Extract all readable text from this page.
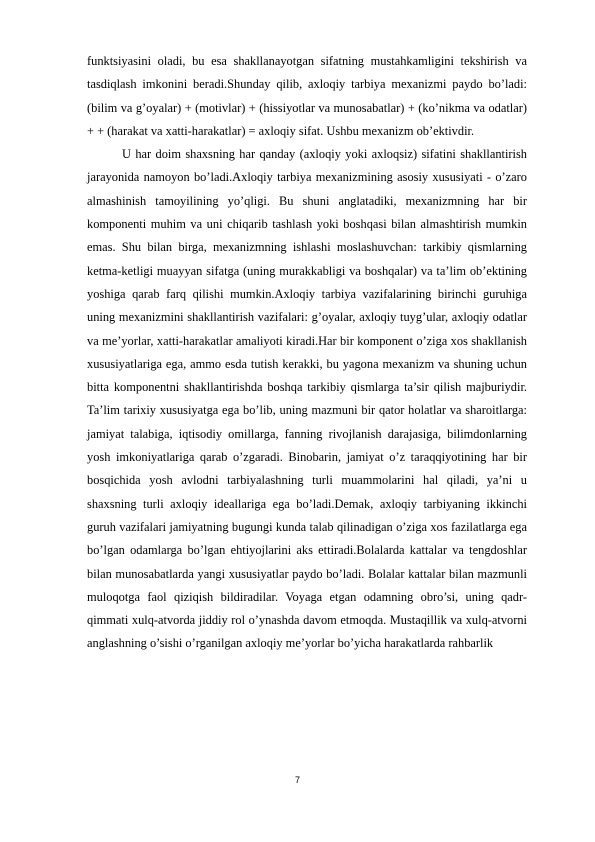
funktsiyasini oladi, bu esa shakllanayotgan sifatning mustahkamligini tekshirish va tasdiqlash imkonini beradi.Shunday qilib, axloqiy tarbiya mexanizmi paydo bo’ladi: (bilim va g’oyalar) + (motivlar) + (hissiyotlar va munosabatlar) + (ko’nikma va odatlar) + + (harakat va xatti-harakatlar) = axloqiy sifat. Ushbu mexanizm ob’ektivdir.

U har doim shaxsning har qanday (axloqiy yoki axloqsiz) sifatini shakllantirish jarayonida namoyon bo’ladi.Axloqiy tarbiya mexanizmining asosiy xususiyati - o’zaro almashinish tamoyilining yo’qligi. Bu shuni anglatadiki, mexanizmning har bir komponenti muhim va uni chiqarib tashlash yoki boshqasi bilan almashtirish mumkin emas. Shu bilan birga, mexanizmning ishlashi moslashuvchan: tarkibiy qismlarning ketma-ketligi muayyan sifatga (uning murakkabligi va boshqalar) va ta’lim ob’ektining yoshiga qarab farq qilishi mumkin.Axloqiy tarbiya vazifalarining birinchi guruhiga uning mexanizmini shakllantirish vazifalari: g’oyalar, axloqiy tuyg’ular, axloqiy odatlar va me’yorlar, xatti-harakatlar amaliyoti kiradi.Har bir komponent o’ziga xos shakllanish xususiyatlariga ega, ammo esda tutish kerakki, bu yagona mexanizm va shuning uchun bitta komponentni shakllantirishda boshqa tarkibiy qismlarga ta’sir qilish majburiydir. Ta’lim tarixiy xususiyatga ega bo’lib, uning mazmuni bir qator holatlar va sharoitlarga: jamiyat talabiga, iqtisodiy omillarga, fanning rivojlanish darajasiga, bilimdonlarning yosh imkoniyatlariga qarab o’zgaradi. Binobarin, jamiyat o’z taraqqiyotining har bir bosqichida yosh avlodni tarbiyalashning turli muammolarini hal qiladi, ya’ni u shaxsning turli axloqiy ideallariga ega bo’ladi.Demak, axloqiy tarbiyaning ikkinchi guruh vazifalari jamiyatning bugungi kunda talab qilinadigan o’ziga xos fazilatlarga ega bo’lgan odamlarga bo’lgan ehtiyojlarini aks ettiradi.Bolalarda kattalar va tengdoshlar bilan munosabatlarda yangi xususiyatlar paydo bo’ladi. Bolalar kattalar bilan mazmunli muloqotga faol qiziqish bildiradilar. Voyaga etgan odamning obro’si, uning qadr-qimmati xulq-atvorda jiddiy rol o’ynashda davom etmoqda. Mustaqillik va xulq-atvorni anglashning o’sishi o’rganilgan axloqiy me’yorlar bo’yicha harakatlarda rahbarlik

7
